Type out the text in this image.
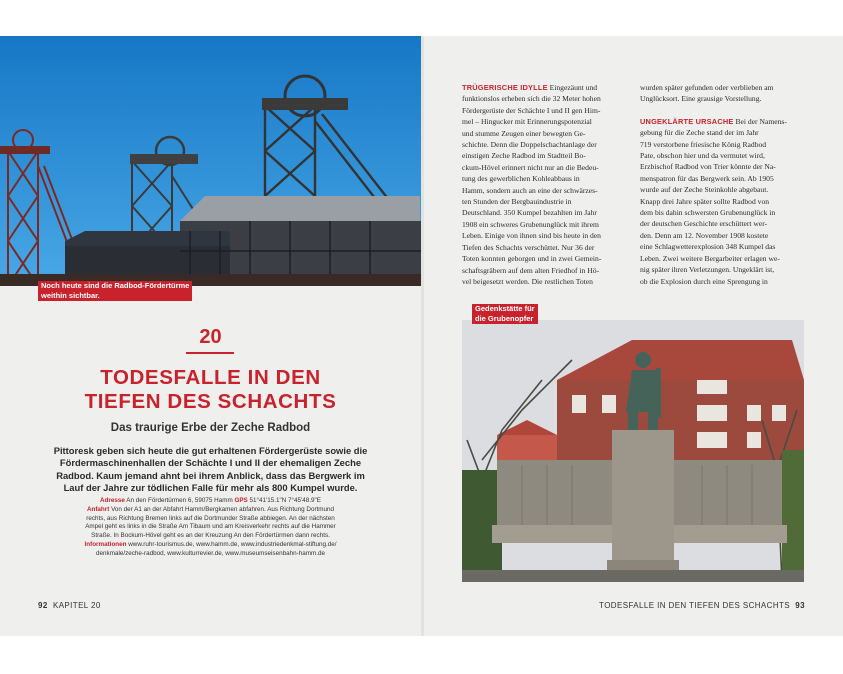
Noch heute sind die Radbod-Fördertürme
weithin sichtbar.
20
TODESFALLE IN DEN
TIEFEN DES SCHACHTS
Das traurige Erbe der Zeche Radbod
Pittoresk geben sich heute die gut erhaltenen Fördergerüste sowie die
Fördermaschinenhallen der Schächte I und II der ehemaligen Zeche
Radbod. Kaum jemand ahnt bei ihrem Anblick, dass das Bergwerk im
Lauf der Jahre zur tödlichen Falle für mehr als 800 Kumpel wurde.
Adresse An den Fördertürmen 6, 59075 Hamm GPS 51°41'15.1"N 7°45'48.9"E
Anfahrt Von der A1 an der Abfahrt Hamm/Bergkamen abfahren. Aus Richtung Dortmund
rechts, aus Richtung Bremen links auf die Dortmunder Straße abbiegen. An der nächsten
Ampel geht es links in die Straße Am Tibaum und am Kreisverkehr rechts auf die Hammer
Straße. In Bockum-Hövel geht es an der Kreuzung An den Fördertürmen dann rechts.
Informationen www.ruhr-tourismus.de, www.hamm.de, www.industriedenkmal-stiftung.de/
denkmale/zeche-radbod, www.kulturrevier.de, www.museumseisenbahn-hamm.de
92 KAPITEL 20

TRÜGERISCHE IDYLLE Eingezäunt und

funktionslos erheben sich die 32 Meter hohen

Fördergerüste der Schächte I und II gen Him-

mel – Hingucker mit Erinnerungspotenzial

und stumme Zeugen einer bewegten Ge-

schichte. Denn die Doppelschachtanlage der

einstigen Zeche Radbod im Stadtteil Bo-

ckum-Hövel erinnert nicht nur an die Bedeu-

tung des gewerblichen Kohleabbaus in

Hamm, sondern auch an eine der schwärzes-

ten Stunden der Bergbauindustrie in

Deutschland. 350 Kumpel bezahlten im Jahr

1908 ein schweres Grubenunglück mit ihrem

Leben. Einige von ihnen sind bis heute in den

Tiefen des Schachts verschüttet. Nur 36 der

Toten konnten geborgen und in zwei Gemein-

schaftsgräbern auf dem alten Friedhof in Hö-

vel beigesetzt werden. Die restlichen Toten

wurden später gefunden oder verblieben am

Unglücksort. Eine grausige Vorstellung.

UNGEKLÄRTE URSACHE Bei der Namens-

gebung für die Zeche stand der im Jahr

719 verstorbene friesische König Radbod

Pate, obschon hier und da vermutet wird,

Erzbischof Radbod von Trier könnte der Na-

menspatron für das Bergwerk sein. Ab 1905

wurde auf der Zeche Steinkohle abgebaut.

Knapp drei Jahre später sollte Radbod von

dem bis dahin schwersten Grubenunglück in

der deutschen Geschichte erschüttert wer-

den. Denn am 12. November 1908 kostete

eine Schlagwetterexplosion 348 Kumpel das

Leben. Zwei weitere Bergarbeiter erlagen we-

nig später ihren Verletzungen. Ungeklärt ist,

ob die Explosion durch eine Sprengung in

Gedenkstätte für
die Grubenopfer
TODESFALLE IN DEN TIEFEN DES SCHACHTS 93
